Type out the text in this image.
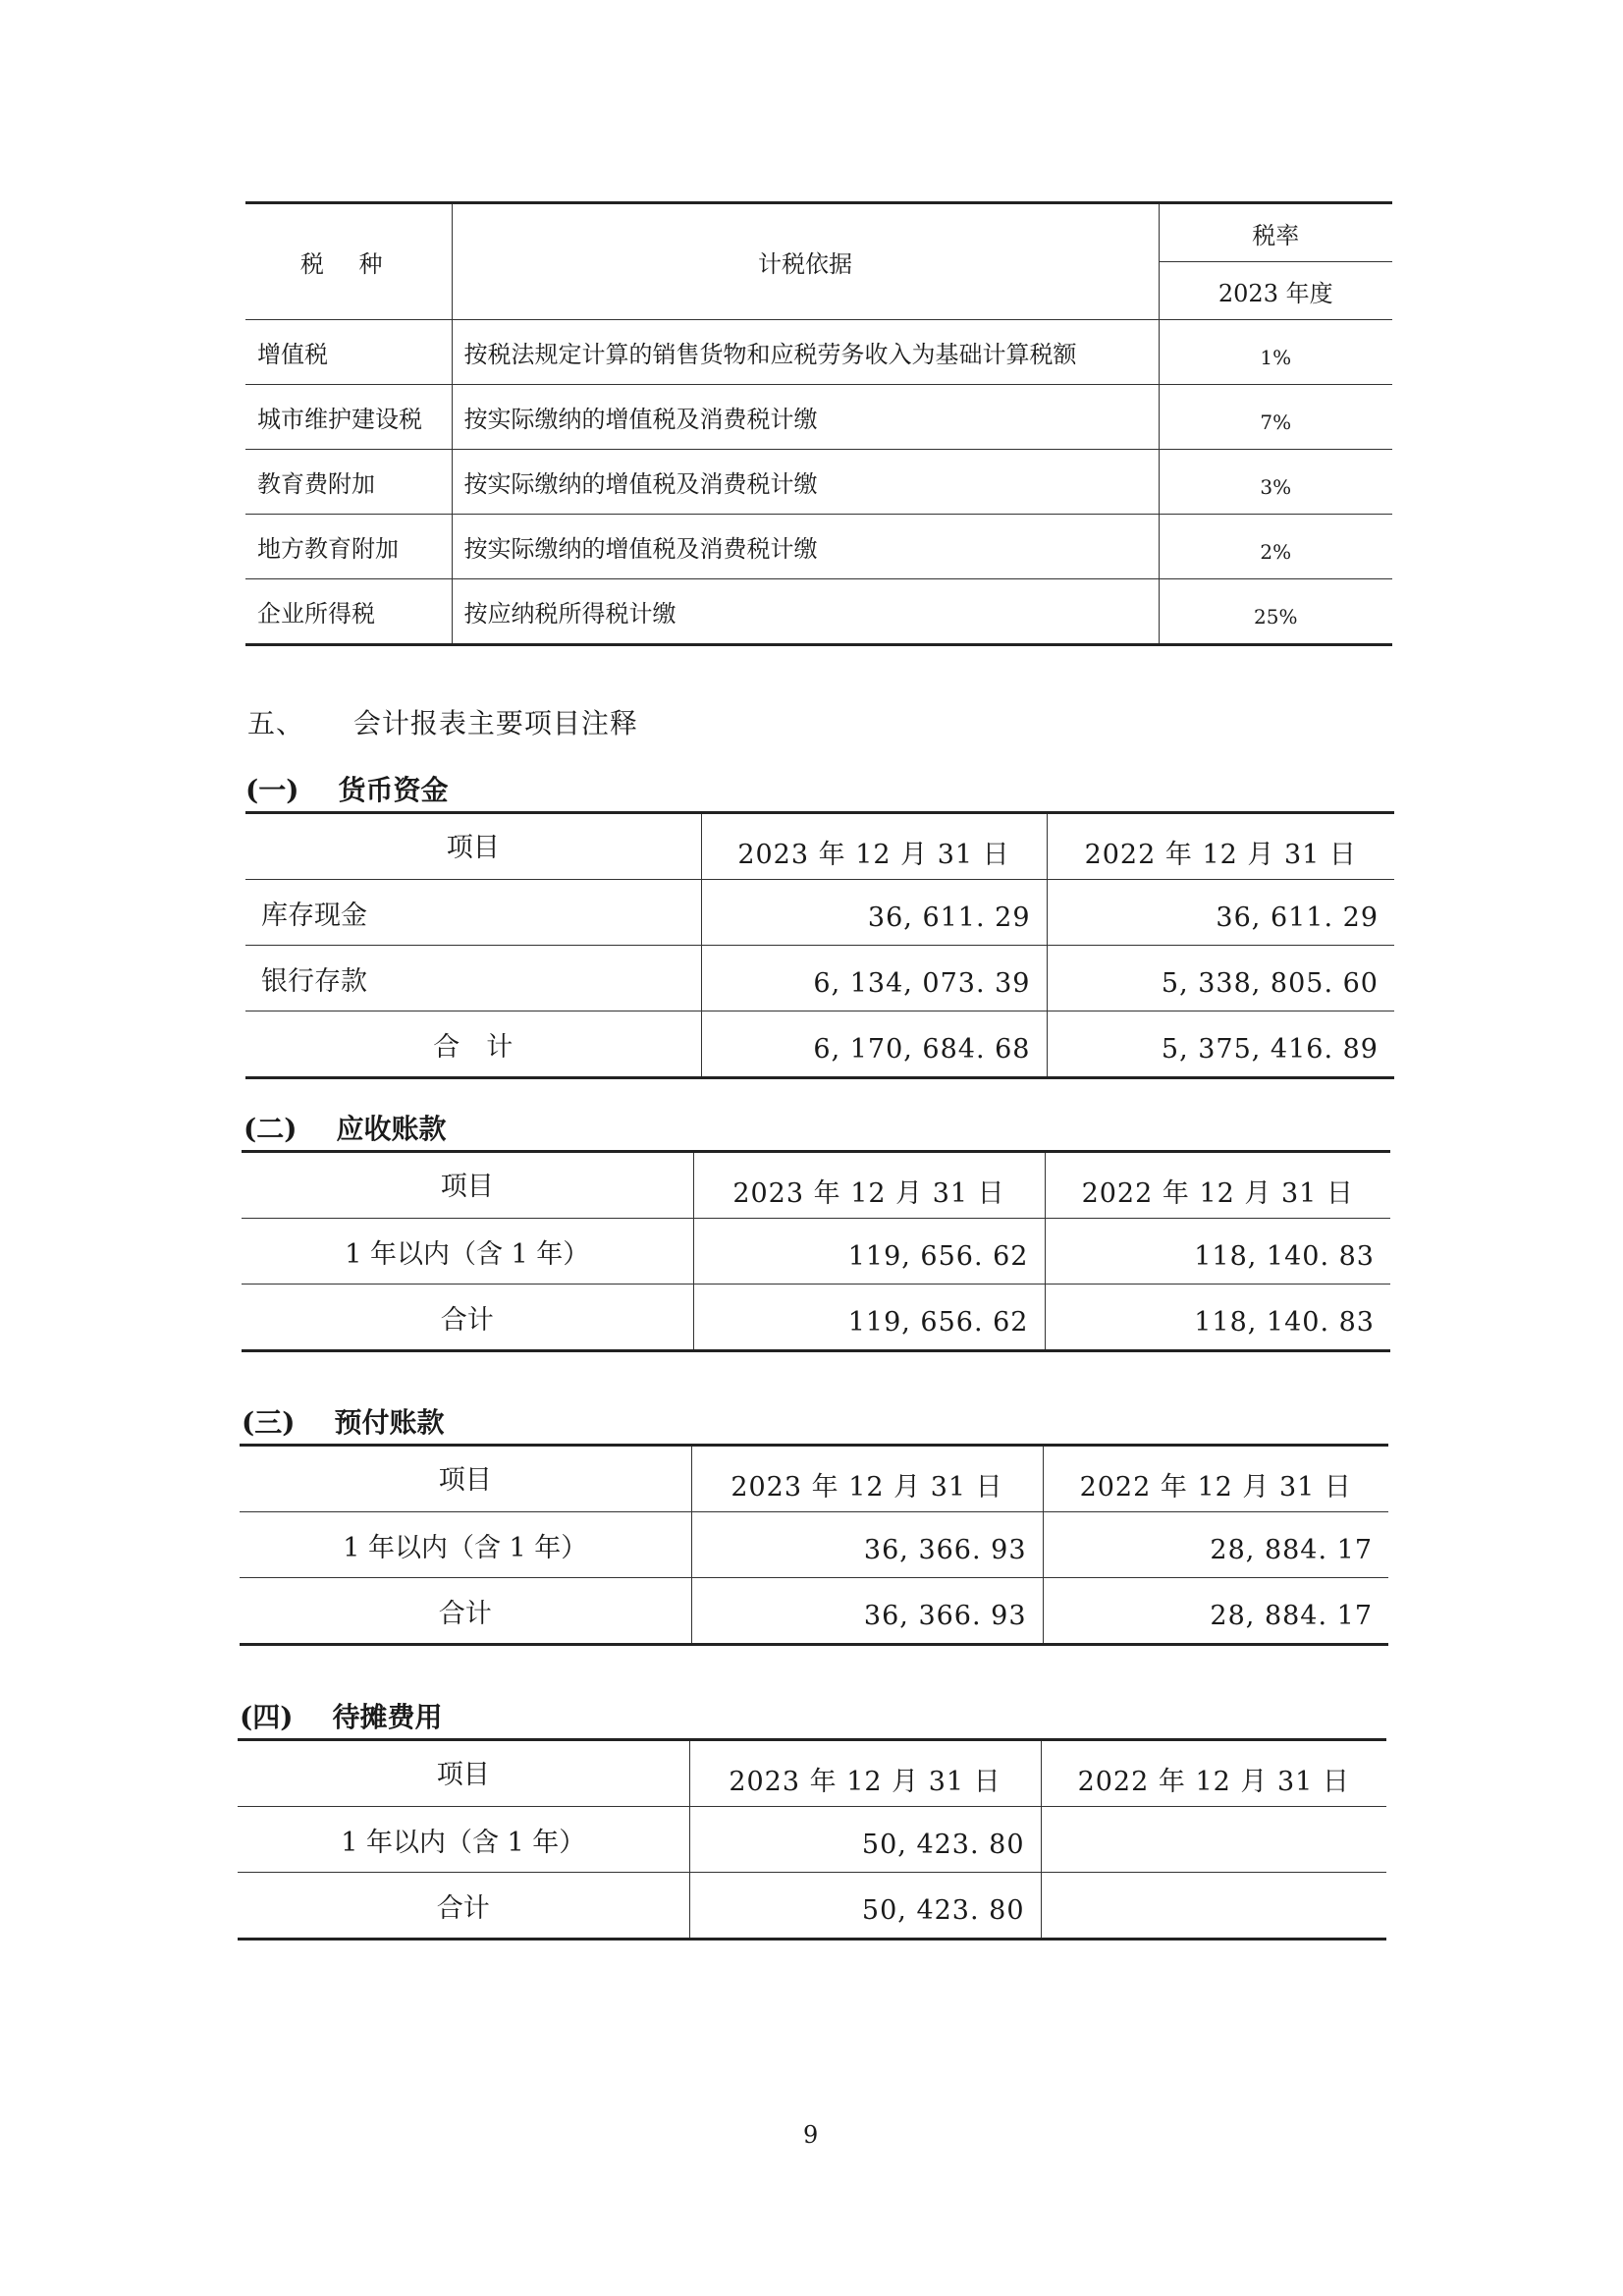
税 种	计税依据	税率
		2023 年度
增值税	按税法规定计算的销售货物和应税劳务收入为基础计算税额	1%
城市维护建设税	按实际缴纳的增值税及消费税计缴	7%
教育费附加	按实际缴纳的增值税及消费税计缴	3%
地方教育附加	按实际缴纳的增值税及消费税计缴	2%
企业所得税	按应纳税所得税计缴	25%
五、 会计报表主要项目注释
(一) 货币资金
项目	2023 年 12 月 31 日	2022 年 12 月 31 日
库存现金	36, 611. 29	36, 611. 29
银行存款	6, 134, 073. 39	5, 338, 805. 60
合　计	6, 170, 684. 68	5, 375, 416. 89
(二) 应收账款
项目	2023 年 12 月 31 日	2022 年 12 月 31 日
1 年以内（含 1 年）	119, 656. 62	118, 140. 83
合计	119, 656. 62	118, 140. 83
(三) 预付账款
项目	2023 年 12 月 31 日	2022 年 12 月 31 日
1 年以内（含 1 年）	36, 366. 93	28, 884. 17
合计	36, 366. 93	28, 884. 17
(四) 待摊费用
项目	2023 年 12 月 31 日	2022 年 12 月 31 日
1 年以内（含 1 年）	50, 423. 80	
合计	50, 423. 80	
9
